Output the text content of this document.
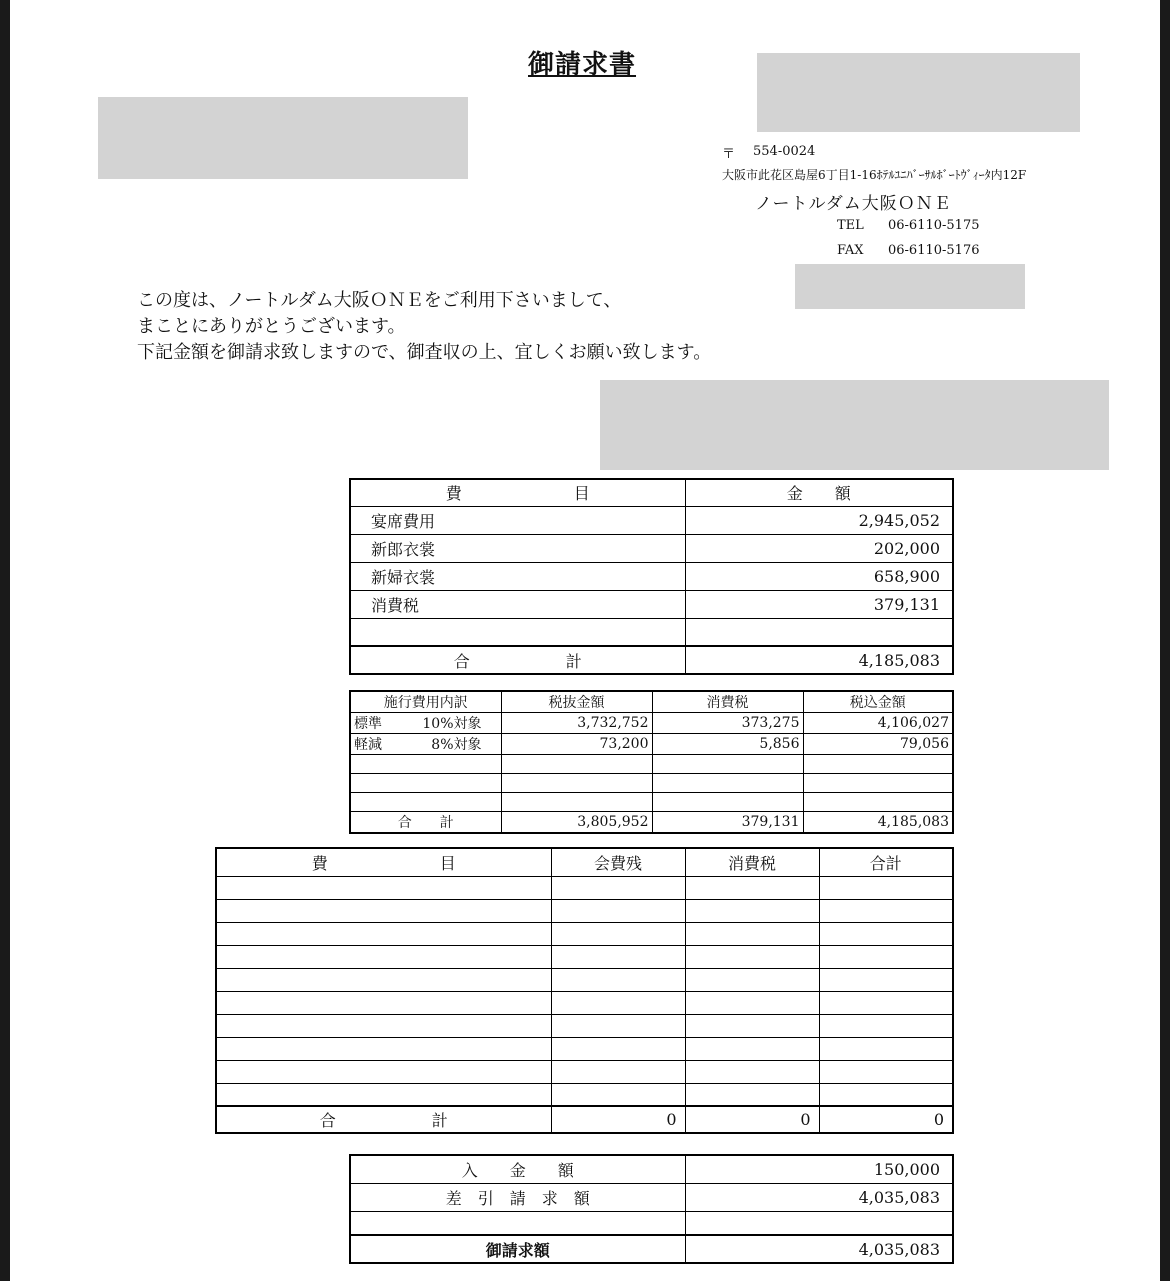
御請求書
〒 554-0024
大阪市此花区島屋6丁目1-16ﾎﾃﾙﾕﾆﾊﾞｰｻﾙﾎﾞｰﾄｳﾞｨｰﾀ内12F
ノートルダム大阪ＯＮＥ
TEL 06-6110-5175
FAX 06-6110-5176
この度は、ノートルダム大阪ＯＮＥをご利用下さいまして、
まことにありがとうございます。
下記金額を御請求致しますので、御査収の上、宜しくお願い致します。
費　　　　　　　目	金　　額
宴席費用	2,945,052
新郎衣裳	202,000
新婦衣裳	658,900
消費税	379,131

合　　　　　　計	4,185,083
施行費用内訳	税抜金額	消費税	税込金額
標準 10%対象	3,732,752	373,275	4,106,027
軽減 8%対象	73,200	5,856	79,056

合　　計	3,805,952	379,131	4,185,083
費　　　　　　　目	会費残	消費税	合計

合　　　　　　計	0	0	0
入　　金　　額	150,000
差　引　請　求　額	4,035,083

御請求額	4,035,083
